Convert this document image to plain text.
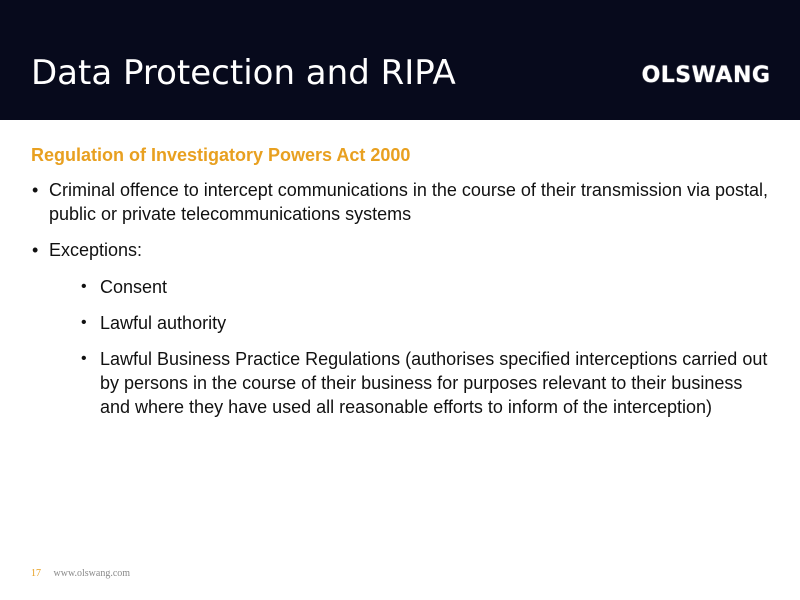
Data Protection and RIPA	OLSWANG
Regulation of Investigatory Powers Act 2000
• Criminal offence to intercept communications in the course of their transmission via postal, public or private telecommunications systems
• Exceptions:
• Consent
• Lawful authority
• Lawful Business Practice Regulations (authorises specified interceptions carried out by persons in the course of their business for purposes relevant to their business and where they have used all reasonable efforts to inform of the interception)
17 www.olswang.com
